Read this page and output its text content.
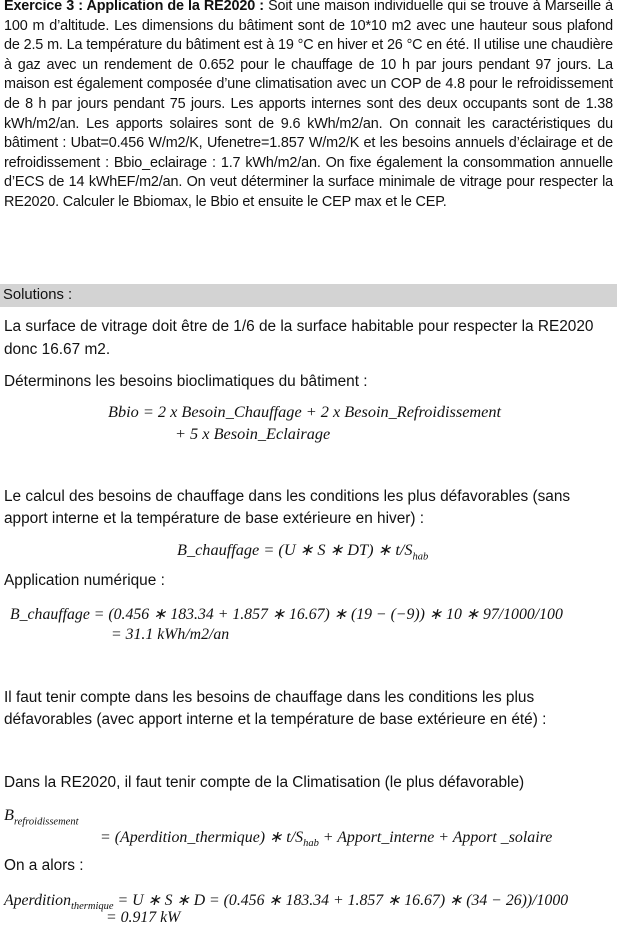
Exercice 3 : Application de la RE2020 : Soit une maison individuelle qui se trouve à Marseille à 100 m d’altitude. Les dimensions du bâtiment sont de 10*10 m2 avec une hauteur sous plafond de 2.5 m. La température du bâtiment est à 19 °C en hiver et 26 °C en été. Il utilise une chaudière à gaz avec un rendement de 0.652 pour le chauffage de 10 h par jours pendant 97 jours. La maison est également composée d’une climatisation avec un COP de 4.8 pour le refroidissement de 8 h par jours pendant 75 jours. Les apports internes sont des deux occupants sont de 1.38 kWh/m2/an. Les apports solaires sont de 9.6 kWh/m2/an. On connait les caractéristiques du bâtiment : Ubat=0.456 W/m2/K, Ufenetre=1.857 W/m2/K et les besoins annuels d’éclairage et de refroidissement : Bbio_eclairage : 1.7 kWh/m2/an. On fixe également la consommation annuelle d’ECS de 14 kWhEF/m2/an. On veut déterminer la surface minimale de vitrage pour respecter la RE2020. Calculer le Bbiomax, le Bbio et ensuite le CEP max et le CEP.

Solutions :

La surface de vitrage doit être de 1/6 de la surface habitable pour respecter la RE2020

donc 16.67 m2.

Déterminons les besoins bioclimatiques du bâtiment :

Bbio = 2 x Besoin_Chauffage + 2 x Besoin_Refroidissement
+ 5 x Besoin_Eclairage

Le calcul des besoins de chauffage dans les conditions les plus défavorables (sans

apport interne et la température de base extérieure en hiver) :

B_chauffage = (U ∗ S ∗ DT) ∗ $t/S_{hab}$

Application numérique :

B_chauffage = (0.456 ∗ 183.34 + 1.857 ∗ 16.67) ∗ (19 − (−9)) ∗ 10 ∗ 97/1000/100
= 31.1 kWh/m2/an

Il faut tenir compte dans les besoins de chauffage dans les conditions les plus

défavorables (avec apport interne et la température de base extérieure en été) :

Dans la RE2020, il faut tenir compte de la Climatisation (le plus défavorable)

$B_{refroidissement}$
= (Aperdition_thermique) ∗ $t/S_{hab}$ + Apport_interne + Apport _solaire

On a alors :

Aperdition$_{thermique}$ = U ∗ S ∗ D = (0.456 ∗ 183.34 + 1.857 ∗ 16.67) ∗ (34 − 26))/1000
= 0.917 kW
